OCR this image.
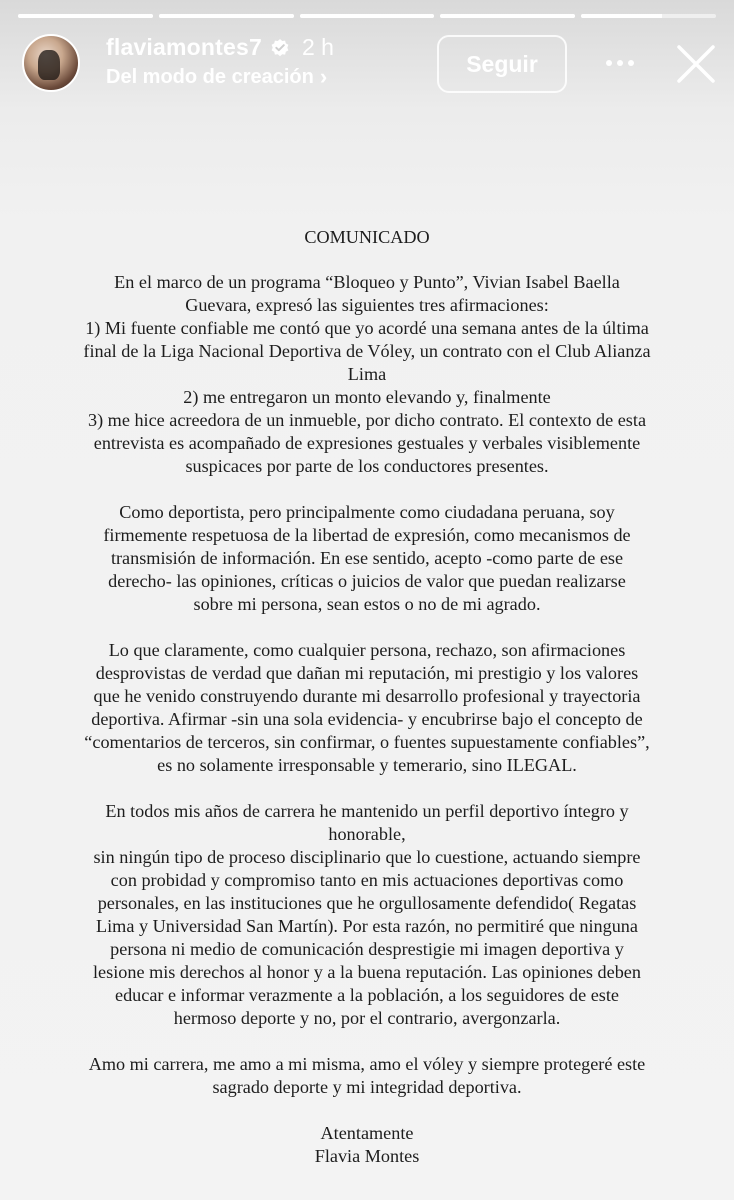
flaviamontes7 2 h
Del modo de creación ›	Seguir
COMUNICADO
En el marco de un programa “Bloqueo y Punto”, Vivian Isabel Baella
Guevara, expresó las siguientes tres afirmaciones:
1) Mi fuente confiable me contó que yo acordé una semana antes de la última
final de la Liga Nacional Deportiva de Vóley, un contrato con el Club Alianza
Lima
2) me entregaron un monto elevando y, finalmente
3) me hice acreedora de un inmueble, por dicho contrato. El contexto de esta
entrevista es acompañado de expresiones gestuales y verbales visiblemente
suspicaces por parte de los conductores presentes.
Como deportista, pero principalmente como ciudadana peruana, soy
firmemente respetuosa de la libertad de expresión, como mecanismos de
transmisión de información. En ese sentido, acepto -como parte de ese
derecho- las opiniones, críticas o juicios de valor que puedan realizarse
sobre mi persona, sean estos o no de mi agrado.
Lo que claramente, como cualquier persona, rechazo, son afirmaciones
desprovistas de verdad que dañan mi reputación, mi prestigio y los valores
que he venido construyendo durante mi desarrollo profesional y trayectoria
deportiva. Afirmar -sin una sola evidencia- y encubrirse bajo el concepto de
“comentarios de terceros, sin confirmar, o fuentes supuestamente confiables”,
es no solamente irresponsable y temerario, sino ILEGAL.
En todos mis años de carrera he mantenido un perfil deportivo íntegro y
honorable,
sin ningún tipo de proceso disciplinario que lo cuestione, actuando siempre
con probidad y compromiso tanto en mis actuaciones deportivas como
personales, en las instituciones que he orgullosamente defendido( Regatas
Lima y Universidad San Martín). Por esta razón, no permitiré que ninguna
persona ni medio de comunicación desprestigie mi imagen deportiva y
lesione mis derechos al honor y a la buena reputación. Las opiniones deben
educar e informar verazmente a la población, a los seguidores de este
hermoso deporte y no, por el contrario, avergonzarla.
Amo mi carrera, me amo a mi misma, amo el vóley y siempre protegeré este
sagrado deporte y mi integridad deportiva.
Atentamente
Flavia Montes
